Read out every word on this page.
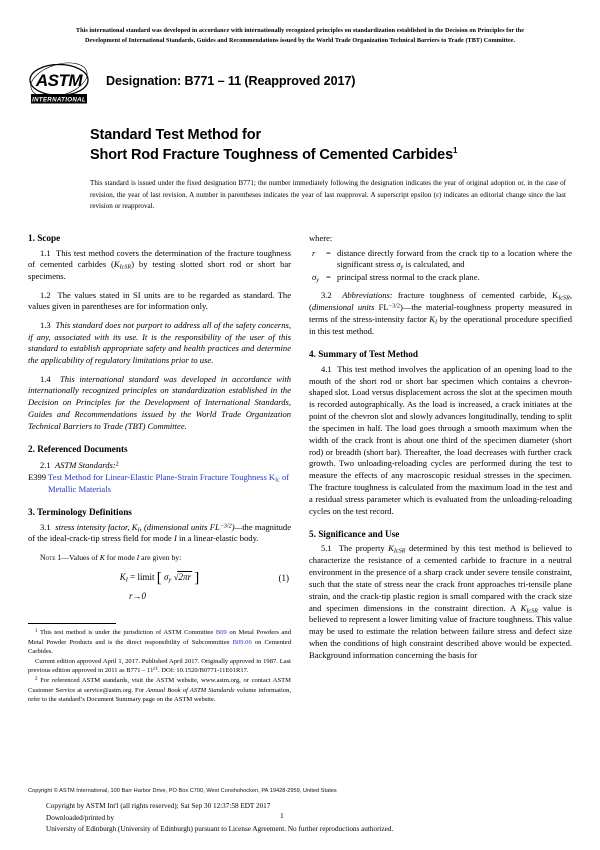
This international standard was developed in accordance with internationally recognized principles on standardization established in the Decision on Principles for the
Development of International Standards, Guides and Recommendations issued by the World Trade Organization Technical Barriers to Trade (TBT) Committee.
ASTM
INTERNATIONAL
Designation: B771 – 11 (Reapproved 2017)
Standard Test Method for
Short Rod Fracture Toughness of Cemented Carbides$^1$
This standard is issued under the fixed designation B771; the number immediately following the designation indicates the year of original adoption or, in the case of revision, the year of last revision. A number in parentheses indicates the year of last reapproval. A superscript epsilon (ε) indicates an editorial change since the last revision or reapproval.
1. Scope

1.1 This test method covers the determination of the fracture toughness of cemented carbides $(K_{IcSR})$ by testing slotted short rod or short bar specimens.

1.2 The values stated in SI units are to be regarded as standard. The values given in parentheses are for information only.

1.3 This standard does not purport to address all of the safety concerns, if any, associated with its use. It is the responsibility of the user of this standard to establish appropriate safety and health practices and determine the applicability of regulatory limitations prior to use.

1.4 This international standard was developed in accordance with internationally recognized principles on standardization established in the Decision on Principles for the Development of International Standards, Guides and Recommendations issued by the World Trade Organization Technical Barriers to Trade (TBT) Committee.

2. Referenced Documents

2.1 ASTM Standards:$^2$

E399 Test Method for Linear-Elastic Plane-Strain Fracture Toughness $K_{Ic}$ of Metallic Materials

3. Terminology Definitions

3.1 stress intensity factor, $K_I$, (dimensional units $FL^{-3/2})—the$ magnitude of the ideal-crack-tip stress field for mode I in a linear-elastic body.

Note 1—Values of K for mode I are given by:

$K_I$ = limit [ $\sigma_y$ √2πr ]
r→0
(1)

$^1$ This test method is under the jurisdiction of ASTM Committee B09 on Metal Powders and Metal Powder Products and is the direct responsibility of Subcommittee B09.06 on Cemented Carbides.

Current edition approved April 1, 2017. Published April 2017. Originally approved in 1987. Last previous edition approved in 2011 as $B771 - 11^{\varepsilon 1}$. DOI: 10.1520/B0771-11E01R17.

$^2$ For referenced ASTM standards, visit the ASTM website, www.astm.org, or contact ASTM Customer Service at service@astm.org. For Annual Book of ASTM Standards volume information, refer to the standard’s Document Summary page on the ASTM website.

where:

r	= distance directly forward from the crack tip to a location where the significant stress $\sigma_y$ is calculated, and
$\sigma_y$ = principal stress normal to the crack plane.

3.2 Abbreviations: fracture toughness of cemented carbide, $K_{IcSR}$, (dimensional units $FL^{-3/2})—the$ material-toughness property measured in terms of the stress-intensity factor $K_I$ by the operational procedure specified in this test method.

4. Summary of Test Method

4.1 This test method involves the application of an opening load to the mouth of the short rod or short bar specimen which contains a chevron-shaped slot. Load versus displacement across the slot at the specimen mouth is recorded autographically. As the load is increased, a crack initiates at the point of the chevron slot and slowly advances longitudinally, tending to split the specimen in half. The load goes through a smooth maximum when the width of the crack front is about one third of the specimen diameter (short rod) or breadth (short bar). Thereafter, the load decreases with further crack growth. Two unloading-reloading cycles are performed during the test to measure the effects of any macroscopic residual stresses in the specimen. The fracture toughness is calculated from the maximum load in the test and a residual stress parameter which is evaluated from the unloading-reloading cycles on the test record.

5. Significance and Use

5.1 The property $K_{IcSR}$ determined by this test method is believed to characterize the resistance of a cemented carbide to fracture in a neutral environment in the presence of a sharp crack under severe tensile constraint, such that the state of stress near the crack front approaches tri-tensile plane strain, and the crack-tip plastic region is small compared with the crack size and specimen dimensions in the constraint direction. A $K_{IcSR}$ value is believed to represent a lower limiting value of fracture toughness. This value may be used to estimate the relation between failure stress and defect size when the conditions of high constraint described above would be expected. Background information concerning the basis for

Copyright © ASTM International, 100 Barr Harbor Drive, PO Box C700, West Conshohocken, PA 19428-2959, United States
Copyright by ASTM Int'l (all rights reserved); Sat Sep 30 12:37:58 EDT 2017
Downloaded/printed by
University of Edinburgh (University of Edinburgh) pursuant to License Agreement. No further reproductions authorized.
1
